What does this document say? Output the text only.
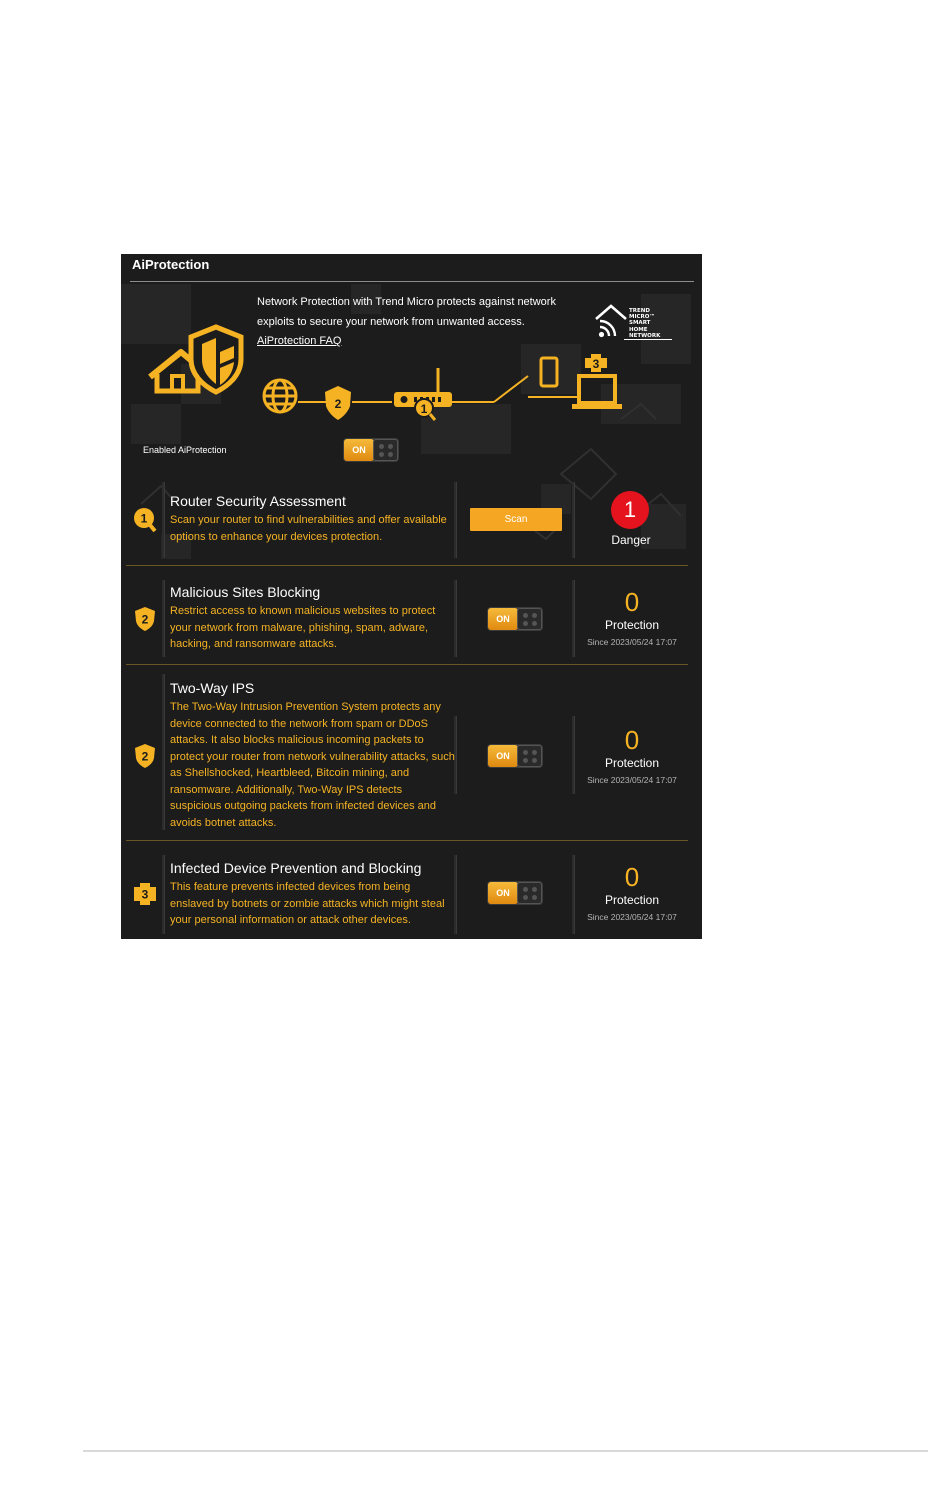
AiProtection
Network Protection with Trend Micro protects against network exploits to secure your network from unwanted access.
AiProtection FAQ
TREND MICRO™
SMART
HOME
NETWORK
2	1
3
Enabled AiProtection	ON
1
Router Security Assessment
Scan your router to find vulnerabilities and offer available options to enhance your devices protection.
Scan	1
Danger
2
Malicious Sites Blocking
Restrict access to known malicious websites to protect your network from malware, phishing, spam, adware, hacking, and ransomware attacks.
ON
0
Protection
Since 2023/05/24 17:07
2
Two-Way IPS
The Two-Way Intrusion Prevention System protects any device connected to the network from spam or DDoS attacks. It also blocks malicious incoming packets to protect your router from network vulnerability attacks, such as Shellshocked, Heartbleed, Bitcoin mining, and ransomware. Additionally, Two-Way IPS detects suspicious outgoing packets from infected devices and avoids botnet attacks.
ON
0
Protection
Since 2023/05/24 17:07
3
Infected Device Prevention and Blocking
This feature prevents infected devices from being enslaved by botnets or zombie attacks which might steal your personal information or attack other devices.
ON
0
Protection
Since 2023/05/24 17:07
